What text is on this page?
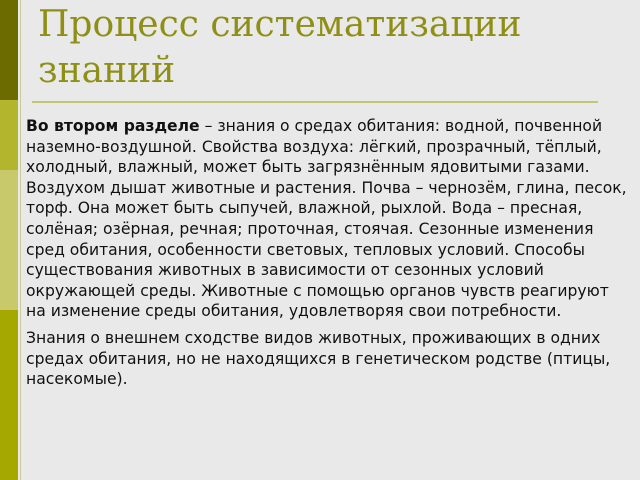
Процесс систематизации знаний

Во втором разделе – знания о средах обитания: водной, почвенной наземно-воздушной. Свойства воздуха: лёгкий, прозрачный, тёплый, холодный, влажный, может быть загрязнённым ядовитыми газами. Воздухом дышат животные и растения. Почва – чернозём, глина, песок, торф. Она может быть сыпучей, влажной, рыхлой. Вода – пресная, солёная; озёрная, речная; проточная, стоячая. Сезонные изменения сред обитания, особенности световых, тепловых условий. Способы существования животных в зависимости от сезонных условий окружающей среды. Животные с помощью органов чувств реагируют на изменение среды обитания, удовлетворяя свои потребности.

Знания о внешнем сходстве видов животных, проживающих в одних средах обитания, но не находящихся в генетическом родстве (птицы, насекомые).
